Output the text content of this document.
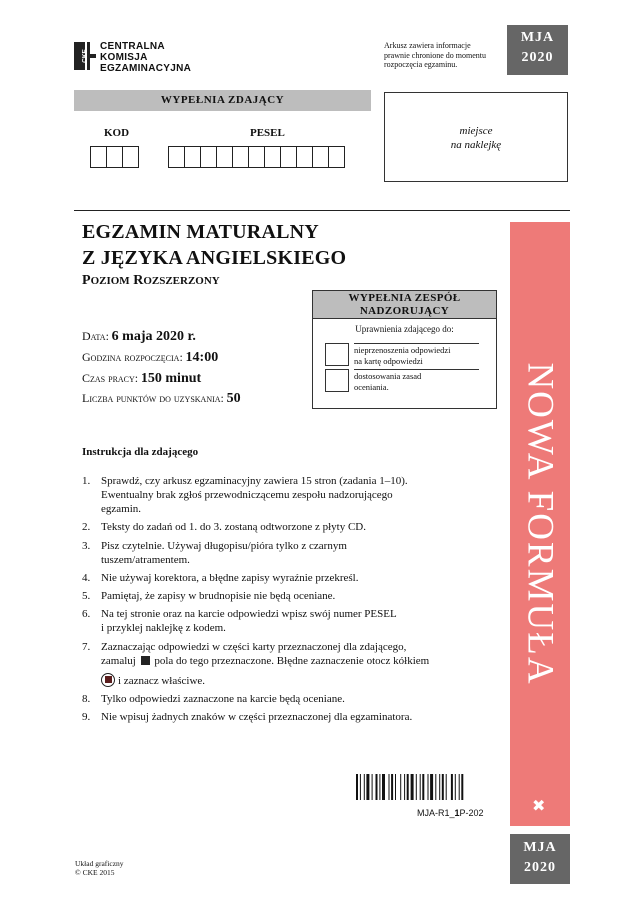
CKE
CENTRALNA
KOMISJA
EGZAMINACYJNA
Arkusz zawiera informacje
prawnie chronione do momentu
rozpoczęcia egzaminu.
MJA
2020
WYPEŁNIA ZDAJĄCY
KOD	PESEL	miejsce
na naklejkę
EGZAMIN MATURALNY
Z JĘZYKA ANGIELSKIEGO
POZIOM ROZSZERZONY
Data: 6 maja 2020 r.
Godzina rozpoczęcia: 14:00
Czas pracy: 150 minut
Liczba punktów do uzyskania: 50
WYPEŁNIA ZESPÓŁ
NADZORUJĄCY
Uprawnienia zdającego do:
nieprzenoszenia odpowiedzi
na kartę odpowiedzi
dostosowania zasad
oceniania.	NOWA FORMUŁA
✖
Instrukcja dla zdającego
1. Sprawdź, czy arkusz egzaminacyjny zawiera 15 stron (zadania 1–10).
Ewentualny brak zgłoś przewodniczącemu zespołu nadzorującego
egzamin.
2. Teksty do zadań od 1. do 3. zostaną odtworzone z płyty CD.
3. Pisz czytelnie. Używaj długopisu/pióra tylko z czarnym
tuszem/atramentem.
4. Nie używaj korektora, a błędne zapisy wyraźnie przekreśl.
5. Pamiętaj, że zapisy w brudnopisie nie będą oceniane.
6. Na tej stronie oraz na karcie odpowiedzi wpisz swój numer PESEL
i przyklej naklejkę z kodem.
7. Zaznaczając odpowiedzi w części karty przeznaczonej dla zdającego,
zamaluj pola do tego przeznaczone. Błędne zaznaczenie otocz kółkiem
i zaznacz właściwe.
8. Tylko odpowiedzi zaznaczone na karcie będą oceniane.
9. Nie wpisuj żadnych znaków w części przeznaczonej dla egzaminatora.
MJA-R1_1P-202
MJA
2020
Układ graficzny
© CKE 2015
